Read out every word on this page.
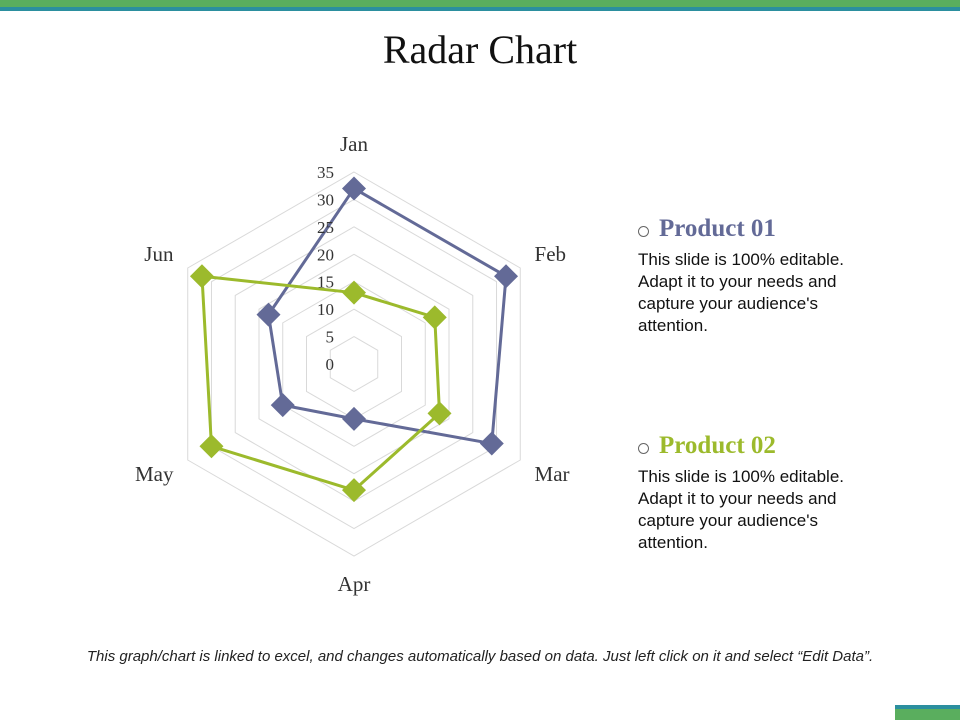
Radar Chart
0
5
10
15
20
25
30
35
Jan
Feb
Mar
Apr
May
Jun
Product 01
This slide is 100% editable. Adapt it to your needs and capture your audience's attention.
Product 02
This slide is 100% editable. Adapt it to your needs and capture your audience's attention.
This graph/chart is linked to excel, and changes automatically based on data. Just left click on it and select “Edit Data”.
